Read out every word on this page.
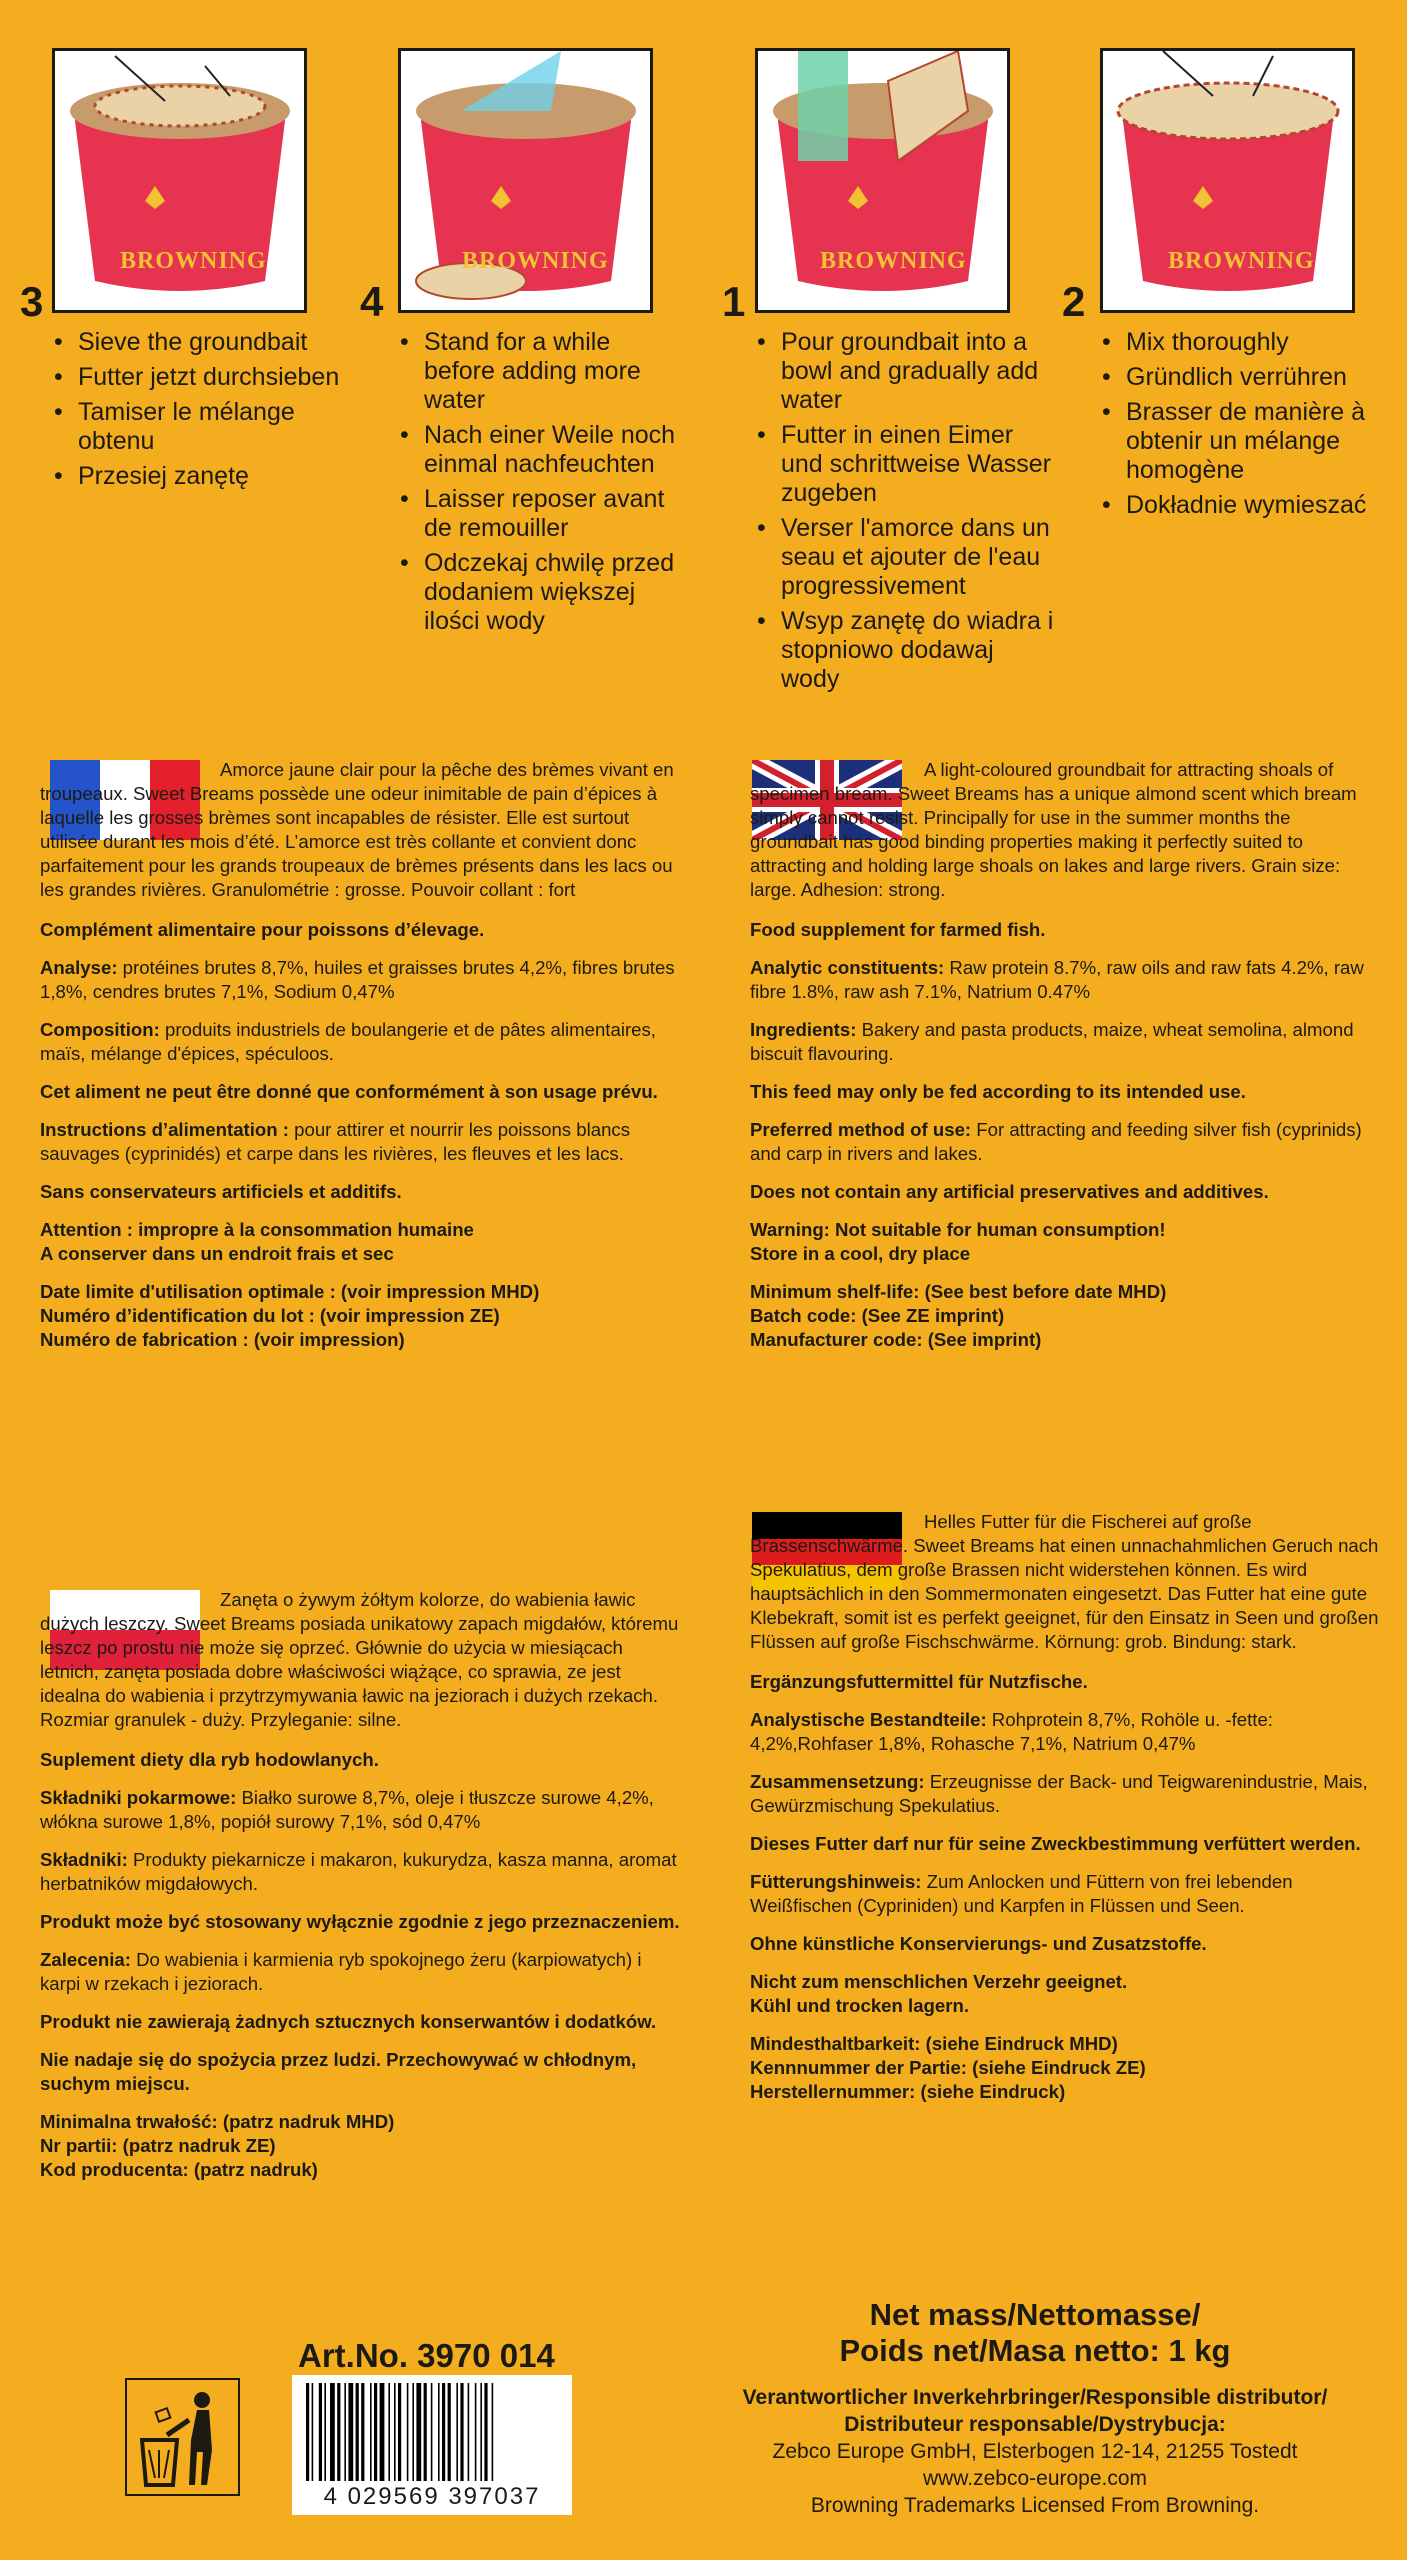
BROWNING
3
• Sieve the groundbait
• Futter jetzt durchsieben
• Tamiser le mélange obtenu
• Przesiej zanętę
BROWNING
4
• Stand for a while before adding more water
• Nach einer Weile noch einmal nachfeuchten
• Laisser reposer avant de remouiller
• Odczekaj chwilę przed dodaniem większej ilości wody
BROWNING
1
• Pour groundbait into a bowl and gradually add water
• Futter in einen Eimer und schrittweise Wasser zugeben
• Verser l'amorce dans un seau et ajouter de l'eau progressivement
• Wsyp zanętę do wiadra i stopniowo dodawaj wody
BROWNING
2
• Mix thoroughly
• Gründlich verrühren
• Brasser de manière à obtenir un mélange homogène
• Dokładnie wymieszać

Amorce jaune clair pour la pêche des brèmes vivant en troupeaux. Sweet Breams possède une odeur inimitable de pain d’épices à laquelle les grosses brèmes sont incapables de résister. Elle est surtout utilisée durant les mois d’été. L’amorce est très collante et convient donc parfaitement pour les grands troupeaux de brèmes présents dans les lacs ou les grandes rivières. Granulométrie : grosse. Pouvoir collant : fort

Complément alimentaire pour poissons d’élevage.

Analyse: protéines brutes 8,7%, huiles et graisses brutes 4,2%, fibres brutes 1,8%, cendres brutes 7,1%, Sodium 0,47%

Composition: produits industriels de boulangerie et de pâtes alimentaires, maïs, mélange d'épices, spéculoos.

Cet aliment ne peut être donné que conformément à son usage prévu.

Instructions d’alimentation : pour attirer et nourrir les poissons blancs sauvages (cyprinidés) et carpe dans les rivières, les fleuves et les lacs.

Sans conservateurs artificiels et additifs.

Attention : impropre à la consommation humaine
A conserver dans un endroit frais et sec

Date limite d'utilisation optimale : (voir impression MHD)
Numéro d’identification du lot : (voir impression ZE)
Numéro de fabrication : (voir impression)

A light-coloured groundbait for attracting shoals of specimen bream. Sweet Breams has a unique almond scent which bream simply cannot resist. Principally for use in the summer months the groundbait has good binding properties making it perfectly suited to attracting and holding large shoals on lakes and large rivers. Grain size: large. Adhesion: strong.

Food supplement for farmed fish.

Analytic constituents: Raw protein 8.7%, raw oils and raw fats 4.2%, raw fibre 1.8%, raw ash 7.1%, Natrium 0.47%

Ingredients: Bakery and pasta products, maize, wheat semolina, almond biscuit flavouring.

This feed may only be fed according to its intended use.

Preferred method of use: For attracting and feeding silver fish (cyprinids) and carp in rivers and lakes.

Does not contain any artificial preservatives and additives.

Warning: Not suitable for human consumption!
Store in a cool, dry place

Minimum shelf-life: (See best before date MHD)
Batch code: (See ZE imprint)
Manufacturer code: (See imprint)

Zanęta o żywym żółtym kolorze, do wabienia ławic dużych leszczy. Sweet Breams posiada unikatowy zapach migdałów, któremu leszcz po prostu nie może się oprzeć. Głównie do użycia w miesiącach letnich, zanęta posiada dobre właściwości wiążące, co sprawia, ze jest idealna do wabienia i przytrzymywania ławic na jeziorach i dużych rzekach. Rozmiar granulek - duży. Przyleganie: silne.

Suplement diety dla ryb hodowlanych.

Składniki pokarmowe: Białko surowe 8,7%, oleje i tłuszcze surowe 4,2%, włókna surowe 1,8%, popiół surowy 7,1%, sód 0,47%

Składniki: Produkty piekarnicze i makaron, kukurydza, kasza manna, aromat herbatników migdałowych.

Produkt może być stosowany wyłącznie zgodnie z jego przeznaczeniem.

Zalecenia: Do wabienia i karmienia ryb spokojnego żeru (karpiowatych) i karpi w rzekach i jeziorach.

Produkt nie zawierają żadnych sztucznych konserwantów i dodatków.

Nie nadaje się do spożycia przez ludzi. Przechowywać w chłodnym, suchym miejscu.

Minimalna trwałość: (patrz nadruk MHD)
Nr partii: (patrz nadruk ZE)
Kod producenta: (patrz nadruk)

Helles Futter für die Fischerei auf große Brassenschwärme. Sweet Breams hat einen unnachahmlichen Geruch nach Spekulatius, dem große Brassen nicht widerstehen können. Es wird hauptsächlich in den Sommermonaten eingesetzt. Das Futter hat eine gute Klebekraft, somit ist es perfekt geeignet, für den Einsatz in Seen und großen Flüssen auf große Fischschwärme. Körnung: grob. Bindung: stark.

Ergänzungsfuttermittel für Nutzfische.

Analystische Bestandteile: Rohprotein 8,7%, Rohöle u. -fette: 4,2%,Rohfaser 1,8%, Rohasche 7,1%, Natrium 0,47%

Zusammensetzung: Erzeugnisse der Back- und Teigwarenindustrie, Mais, Gewürzmischung Spekulatius.

Dieses Futter darf nur für seine Zweckbestimmung verfüttert werden.

Fütterungshinweis: Zum Anlocken und Füttern von frei lebenden Weißfischen (Cypriniden) und Karpfen in Flüssen und Seen.

Ohne künstliche Konservierungs- und Zusatzstoffe.

Nicht zum menschlichen Verzehr geeignet.
Kühl und trocken lagern.

Mindesthaltbarkeit: (siehe Eindruck MHD)
Kennnummer der Partie: (siehe Eindruck ZE)
Herstellernummer: (siehe Eindruck)

Art.No. 3970 014
4 029569 397037
Net mass/Nettomasse/
Poids net/Masa netto: 1 kg
Verantwortlicher Inverkehrbringer/Responsible distributor/
Distributeur responsable/Dystrybucja:
Zebco Europe GmbH, Elsterbogen 12-14, 21255 Tostedt
www.zebco-europe.com
Browning Trademarks Licensed From Browning.
